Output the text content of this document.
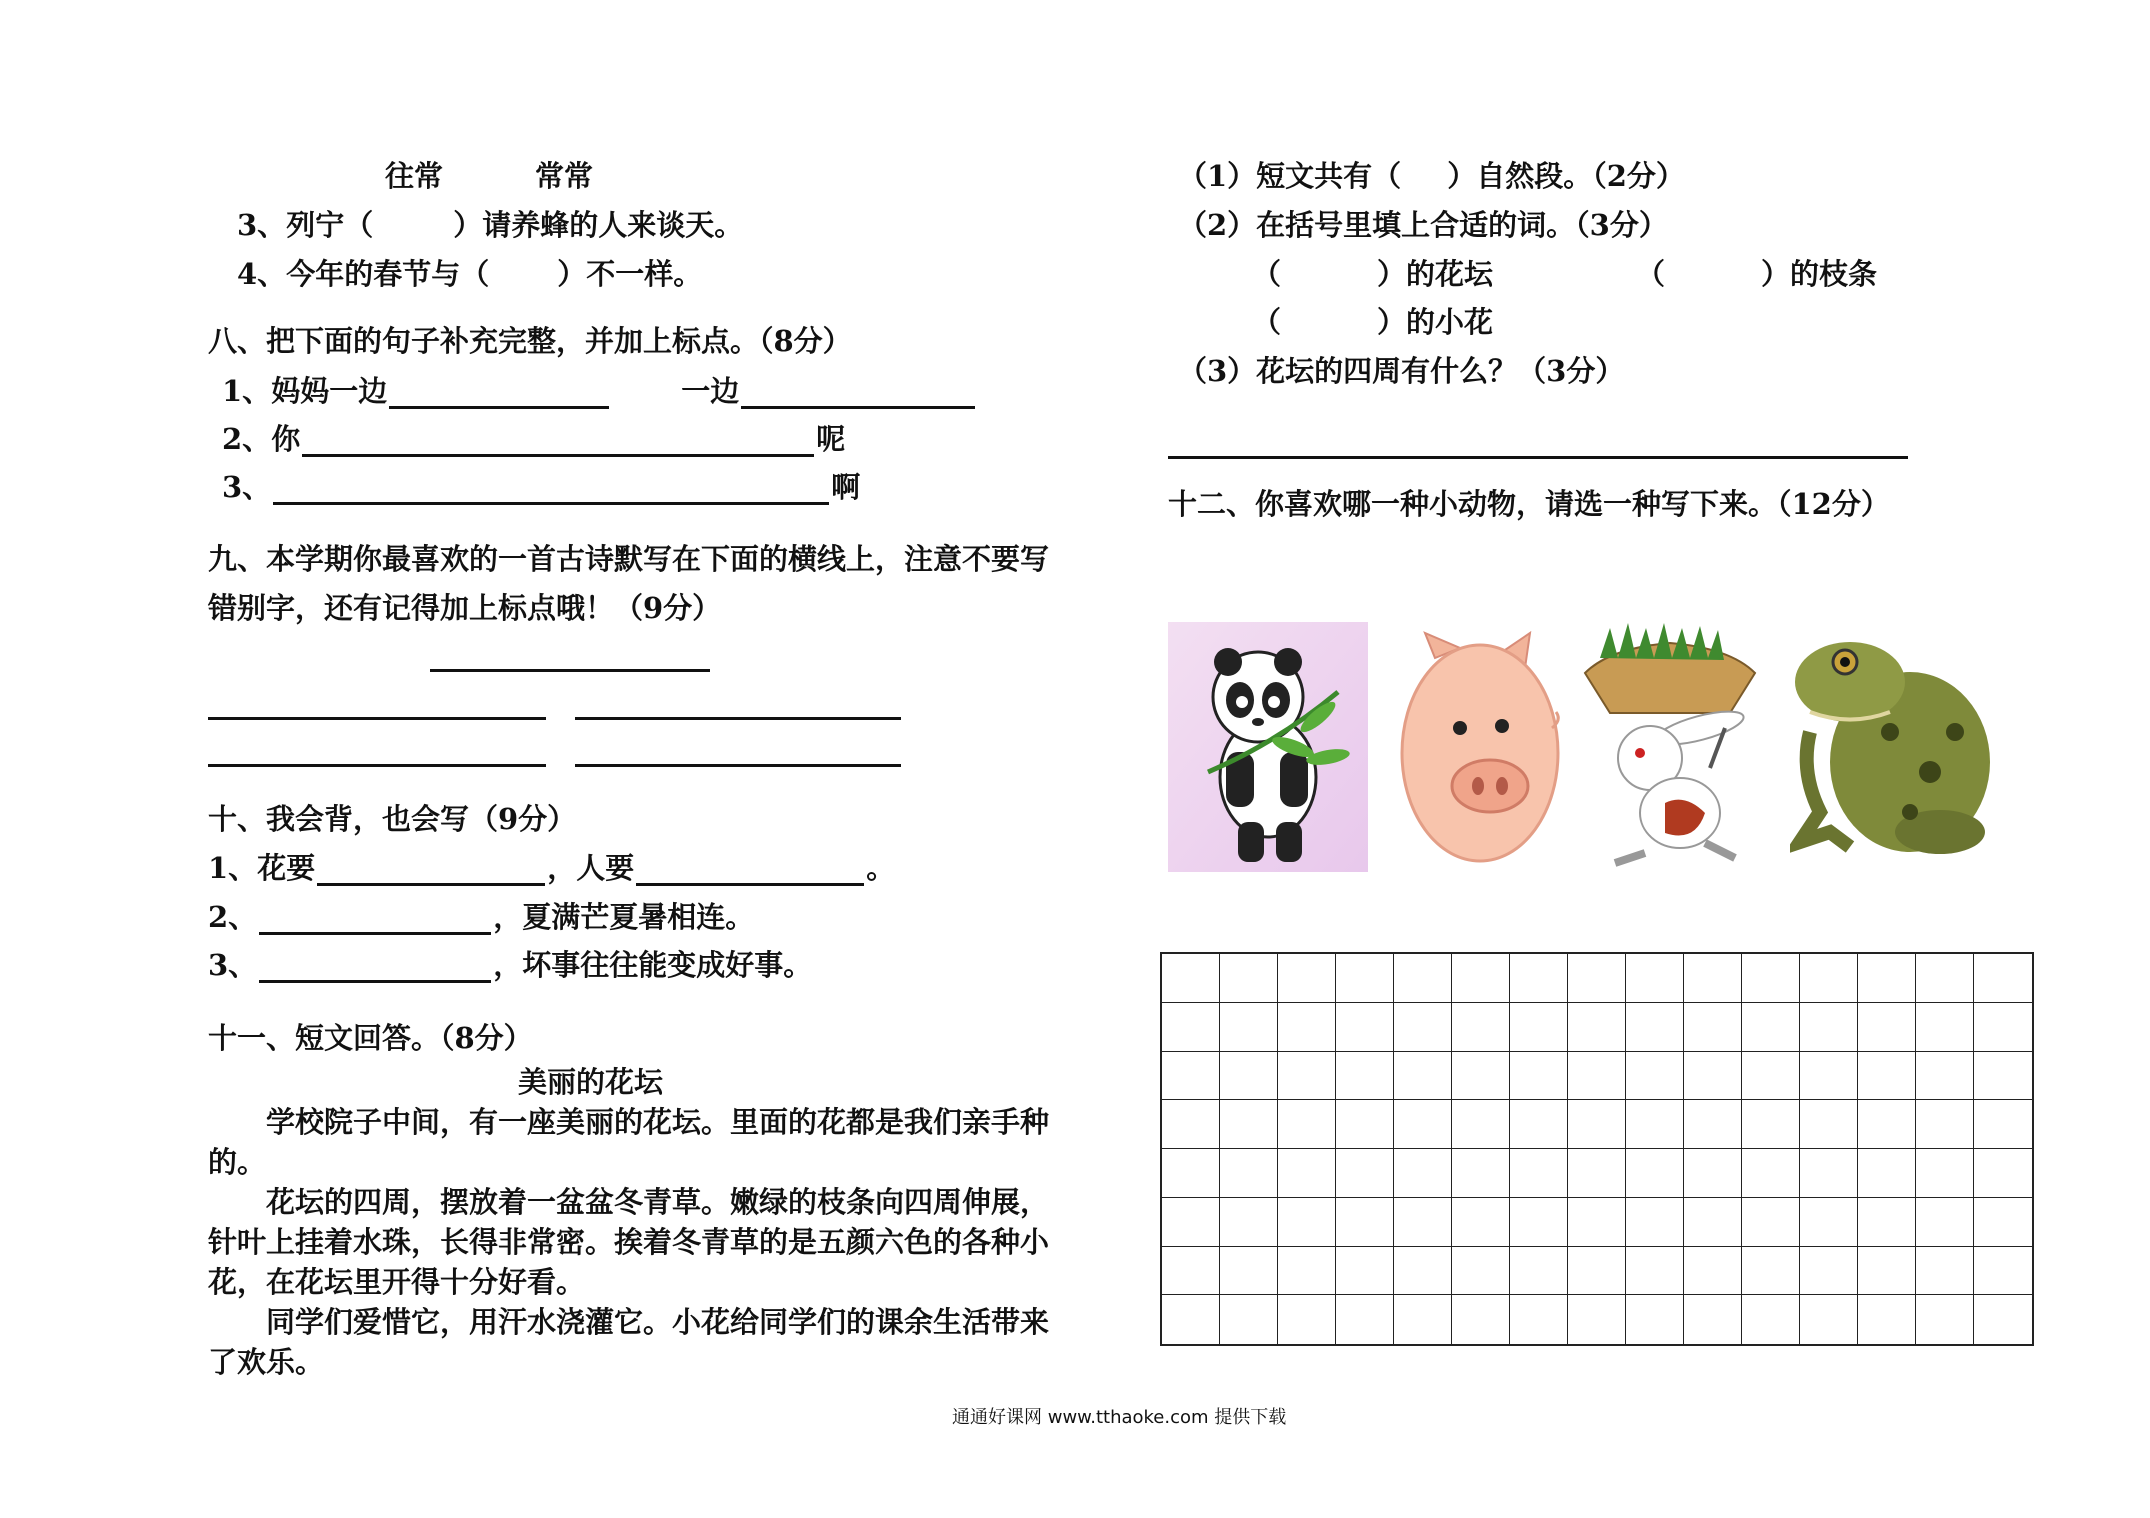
往常	常常
3、列宁（	）请养蜂的人来谈天。
4、今年的春节与（ ）不一样。
八、把下面的句子补充完整，并加上标点。（8分）
1、妈妈一边	一边
2、你	呢
3、	啊
九、本学期你最喜欢的一首古诗默写在下面的横线上，注意不要写
错别字，还有记得加上标点哦！（9分）
十、我会背，也会写（9分）
1、花要	，人要	。
2、	，夏满芒夏暑相连。
3、	，坏事往往能变成好事。
十一、短文回答。（8分）
美丽的花坛
学校院子中间，有一座美丽的花坛。里面的花都是我们亲手种
的。
花坛的四周，摆放着一盆盆冬青草。嫩绿的枝条向四周伸展，
针叶上挂着水珠，长得非常密。挨着冬青草的是五颜六色的各种小
花，在花坛里开得十分好看。
同学们爱惜它，用汗水浇灌它。小花给同学们的课余生活带来
了欢乐。
（1）短文共有（ ）自然段。（2分）
（2）在括号里填上合适的词。（3分）
（	）的花坛	（	）的枝条
（	）的小花
（3）花坛的四周有什么？（3分）
十二、你喜欢哪一种小动物，请选一种写下来。（12分）
通通好课网 www.tthaoke.com 提供下载
